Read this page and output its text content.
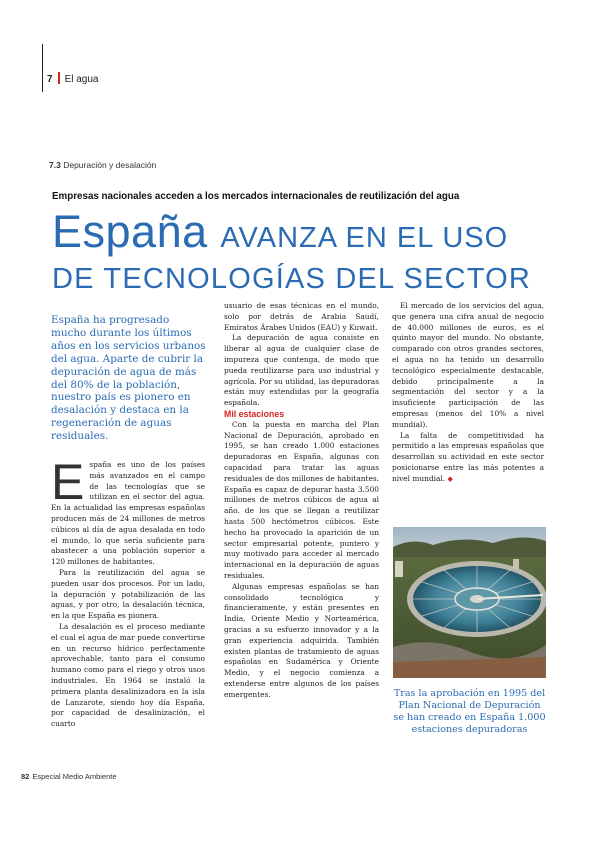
7 El agua
7.3 Depuración y desalación
Empresas nacionales acceden a los mercados internacionales de reutilización del agua
España AVANZA EN EL USO
DE TECNOLOGÍAS DEL SECTOR
España ha progresado mucho durante los últimos años en los servicios urbanos del agua. Aparte de cubrir la depuración de agua de más del 80% de la población, nuestro país es pionero en desalación y destaca en la regeneración de aguas residuales.

España es uno de los países más avanzados en el campo de las tecnologías que se utilizan en el sector del agua. En la actualidad las empresas españolas producen más de 24 millones de metros cúbicos al día de agua desalada en todo el mundo, lo que sería suficiente para abastecer a una población superior a 120 millones de habitantes.

Para la reutilización del agua se pueden usar dos procesos. Por un lado, la depuración y potabilización de las aguas, y por otro, la desalación técnica, en la que España es pionera.

La desalación es el proceso mediante el cual el agua de mar puede convertirse en un recurso hídrico perfectamente aprovechable, tanto para el consumo humano como para el riego y otros usos industriales. En 1964 se instaló la primera planta desalinizadora en la isla de Lanzarote, siendo hoy día España, por capacidad de desalinización, el cuarto

usuario de esas técnicas en el mundo, solo por detrás de Arabia Saudí, Emiratos Árabes Unidos (EAU) y Kuwait.

La depuración de agua consiste en liberar al agua de cualquier clase de impureza que contenga, de modo que pueda reutilizarse para uso industrial y agrícola. Por su utilidad, las depuradoras están muy extendidas por la geografía española.

Mil estaciones

Con la puesta en marcha del Plan Nacional de Depuración, aprobado en 1995, se han creado 1.000 estaciones depuradoras en España, algunas con capacidad para tratar las aguas residuales de dos millones de habitantes. España es capaz de depurar hasta 3.500 millones de metros cúbicos de agua al año. de los que se llegan a reutilizar hasta 500 hectómetros cúbicos. Este hecho ha provocado la aparición de un sector empresarial potente, puntero y muy motivado para acceder al mercado internacional en la depuración de aguas residuales.

Algunas empresas españolas se han consolidado tecnológica y financieramente, y están presentes en India, Oriente Medio y Norteamérica, gracias a su esfuerzo innovador y a la gran experiencia adquirida. También existen plantas de tratamiento de aguas españolas en Sudamérica y Oriente Medio, y el negocio comienza a extenderse entre algunos de los países emergentes.

El mercado de los servicios del agua, que genera una cifra anual de negocio de 40.000 millones de euros, es el quinto mayor del mundo. No obstante, comparado con otros grandes sectores, el agua no ha tenido un desarrollo tecnológico especialmente destacable, debido principalmente a la segmentación del sector y a la insuficiente participación de las empresas (menos del 10% a nivel mundial).

La falta de competitividad ha permitido a las empresas españolas que desarrollan su actividad en este sector posicionarse entre las más potentes a nivel mundial. ◆

Tras la aprobación en 1995 del Plan Nacional de Depuración se han creado en España 1.000 estaciones depuradoras
82 Especial Medio Ambiente
